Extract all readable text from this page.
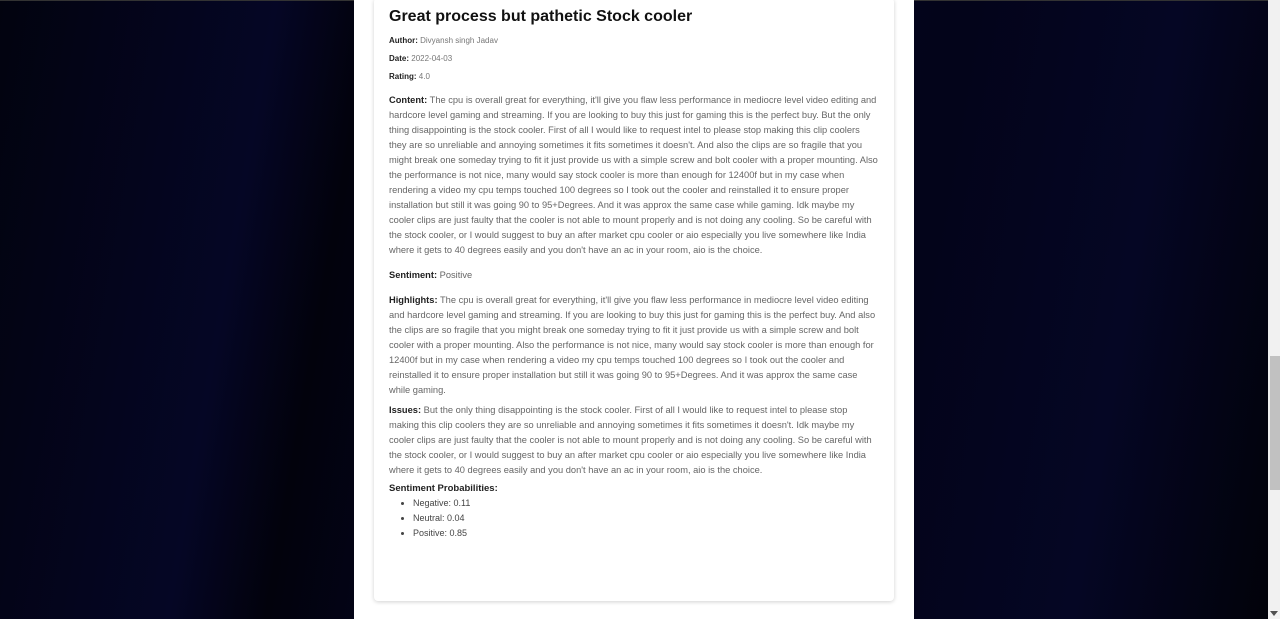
Great process but pathetic Stock cooler

Author: Divyansh singh Jadav

Date: 2022-04-03

Rating: 4.0

Content: The cpu is overall great for everything, it'll give you flaw less performance in mediocre level video editing and hardcore level gaming and streaming. If you are looking to buy this just for gaming this is the perfect buy. But the only thing disappointing is the stock cooler. First of all I would like to request intel to please stop making this clip coolers they are so unreliable and annoying sometimes it fits sometimes it doesn't. And also the clips are so fragile that you might break one someday trying to fit it just provide us with a simple screw and bolt cooler with a proper mounting. Also the performance is not nice, many would say stock cooler is more than enough for 12400f but in my case when rendering a video my cpu temps touched 100 degrees so I took out the cooler and reinstalled it to ensure proper installation but still it was going 90 to 95+Degrees. And it was approx the same case while gaming. Idk maybe my cooler clips are just faulty that the cooler is not able to mount properly and is not doing any cooling. So be careful with the stock cooler, or I would suggest to buy an after market cpu cooler or aio especially you live somewhere like India where it gets to 40 degrees easily and you don't have an ac in your room, aio is the choice.

Sentiment: Positive

Highlights: The cpu is overall great for everything, it'll give you flaw less performance in mediocre level video editing and hardcore level gaming and streaming. If you are looking to buy this just for gaming this is the perfect buy. And also the clips are so fragile that you might break one someday trying to fit it just provide us with a simple screw and bolt cooler with a proper mounting. Also the performance is not nice, many would say stock cooler is more than enough for 12400f but in my case when rendering a video my cpu temps touched 100 degrees so I took out the cooler and reinstalled it to ensure proper installation but still it was going 90 to 95+Degrees. And it was approx the same case while gaming.

Issues: But the only thing disappointing is the stock cooler. First of all I would like to request intel to please stop making this clip coolers they are so unreliable and annoying sometimes it fits sometimes it doesn't. Idk maybe my cooler clips are just faulty that the cooler is not able to mount properly and is not doing any cooling. So be careful with the stock cooler, or I would suggest to buy an after market cpu cooler or aio especially you live somewhere like India where it gets to 40 degrees easily and you don't have an ac in your room, aio is the choice.

Sentiment Probabilities:
• Negative: 0.11
• Neutral: 0.04
• Positive: 0.85
